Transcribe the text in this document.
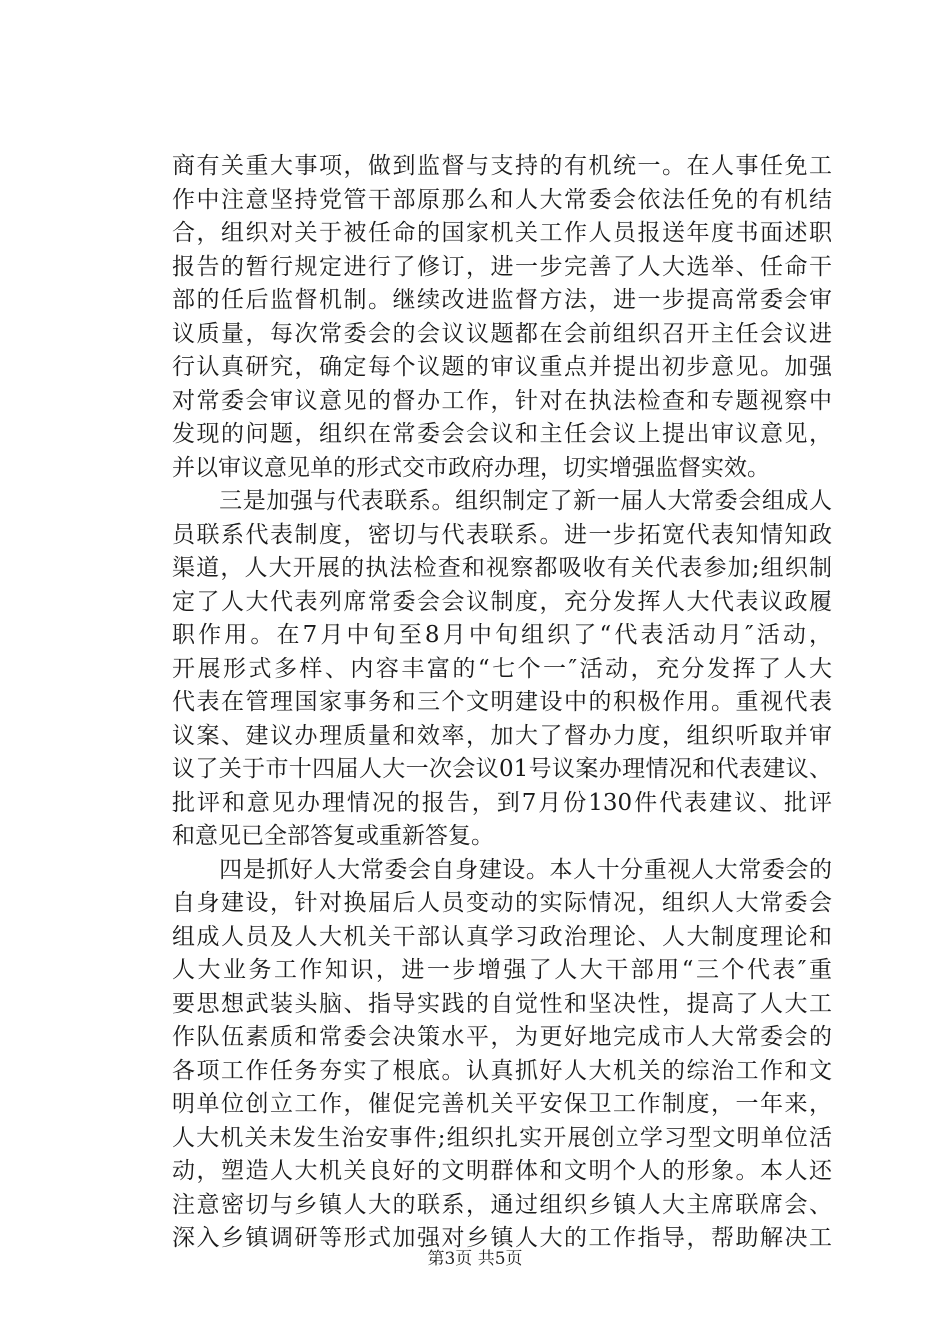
商有关重大事项，做到监督与支持的有机统一。在人事任免工
作中注意坚持党管干部原那么和人大常委会依法任免的有机结
合，组织对关于被任命的国家机关工作人员报送年度书面述职
报告的暂行规定进行了修订，进一步完善了人大选举、任命干
部的任后监督机制。继续改进监督方法，进一步提高常委会审
议质量，每次常委会的会议议题都在会前组织召开主任会议进
行认真研究，确定每个议题的审议重点并提出初步意见。加强
对常委会审议意见的督办工作，针对在执法检查和专题视察中
发现的问题，组织在常委会会议和主任会议上提出审议意见，
并以审议意见单的形式交市政府办理，切实增强监督实效。
　　三是加强与代表联系。组织制定了新一届人大常委会组成人
员联系代表制度，密切与代表联系。进一步拓宽代表知情知政
渠道，人大开展的执法检查和视察都吸收有关代表参加;组织制
定了人大代表列席常委会会议制度，充分发挥人大代表议政履
职作用。在7月中旬至8月中旬组织了“代表活动月″活动，
开展形式多样、内容丰富的“七个一″活动，充分发挥了人大
代表在管理国家事务和三个文明建设中的积极作用。重视代表
议案、建议办理质量和效率，加大了督办力度，组织听取并审
议了关于市十四届人大一次会议01号议案办理情况和代表建议、
批评和意见办理情况的报告，到7月份130件代表建议、批评
和意见已全部答复或重新答复。
　　四是抓好人大常委会自身建设。本人十分重视人大常委会的
自身建设，针对换届后人员变动的实际情况，组织人大常委会
组成人员及人大机关干部认真学习政治理论、人大制度理论和
人大业务工作知识，进一步增强了人大干部用“三个代表″重
要思想武装头脑、指导实践的自觉性和坚决性，提高了人大工
作队伍素质和常委会决策水平，为更好地完成市人大常委会的
各项工作任务夯实了根底。认真抓好人大机关的综治工作和文
明单位创立工作，催促完善机关平安保卫工作制度，一年来，
人大机关未发生治安事件;组织扎实开展创立学习型文明单位活
动，塑造人大机关良好的文明群体和文明个人的形象。本人还
注意密切与乡镇人大的联系，通过组织乡镇人大主席联席会、
深入乡镇调研等形式加强对乡镇人大的工作指导，帮助解决工
第3页 共5页
